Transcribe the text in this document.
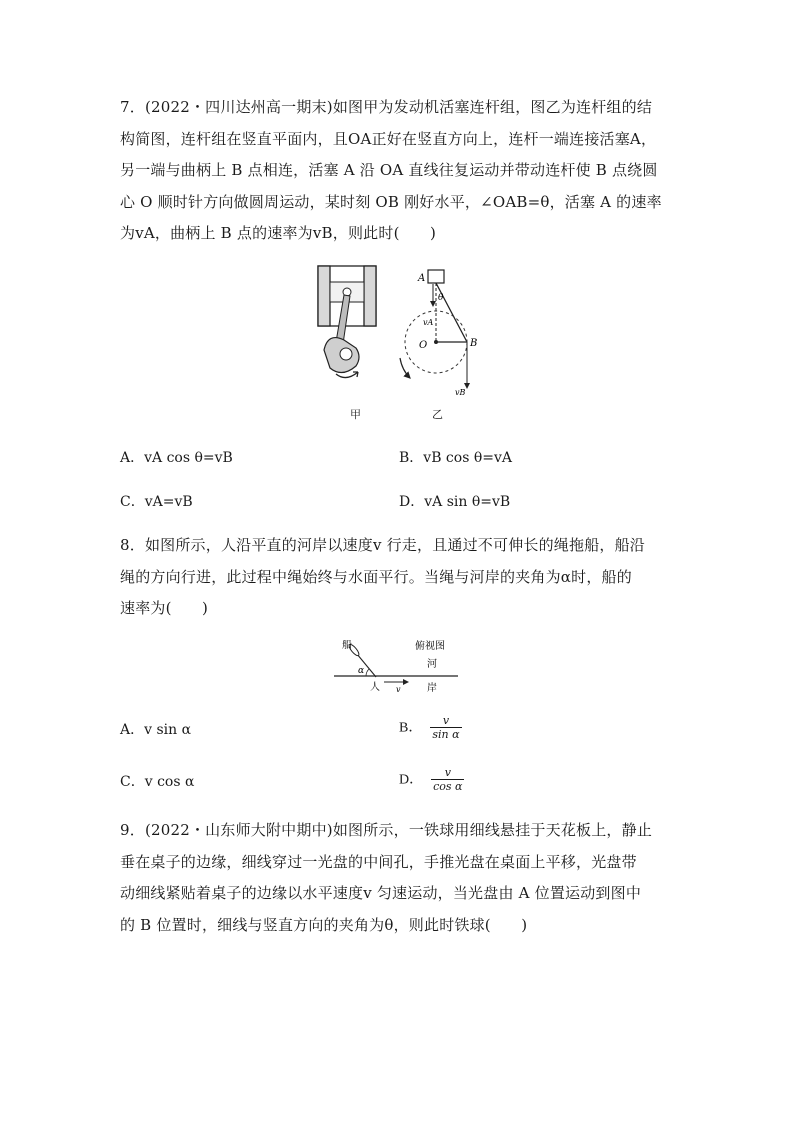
7．(2022・四川达州高一期末)如图甲为发动机活塞连杆组，图乙为连杆组的结
构简图，连杆组在竖直平面内，且OA正好在竖直方向上，连杆一端连接活塞A，
另一端与曲柄上 B 点相连，活塞 A 沿 OA 直线往复运动并带动连杆使 B 点绕圆
心 O 顺时针方向做圆周运动，某时刻 OB 刚好水平，∠OAB=θ，活塞 A 的速率
为vA，曲柄上 B 点的速率为vB，则此时(　　)
A
θ
vA
O	B
vB
甲	乙
A．vA cos θ=vB	B．vB cos θ=vA
C．vA=vB	D．vA sin θ=vB
8．如图所示，人沿平直的河岸以速度v 行走，且通过不可伸长的绳拖船，船沿
绳的方向行进，此过程中绳始终与水面平行。当绳与河岸的夹角为α时，船的
速率为(　　)
船	俯视图
河
α
人 v	岸
A．v sin α	B． $\frac{v}{\text{sin α}}$
C．v cos α	D． $\frac{v}{\text{cos α}}$
9．(2022・山东师大附中期中)如图所示，一铁球用细线悬挂于天花板上，静止
垂在桌子的边缘，细线穿过一光盘的中间孔，手推光盘在桌面上平移，光盘带
动细线紧贴着桌子的边缘以水平速度v 匀速运动，当光盘由 A 位置运动到图中
的 B 位置时，细线与竖直方向的夹角为θ，则此时铁球(　　)
